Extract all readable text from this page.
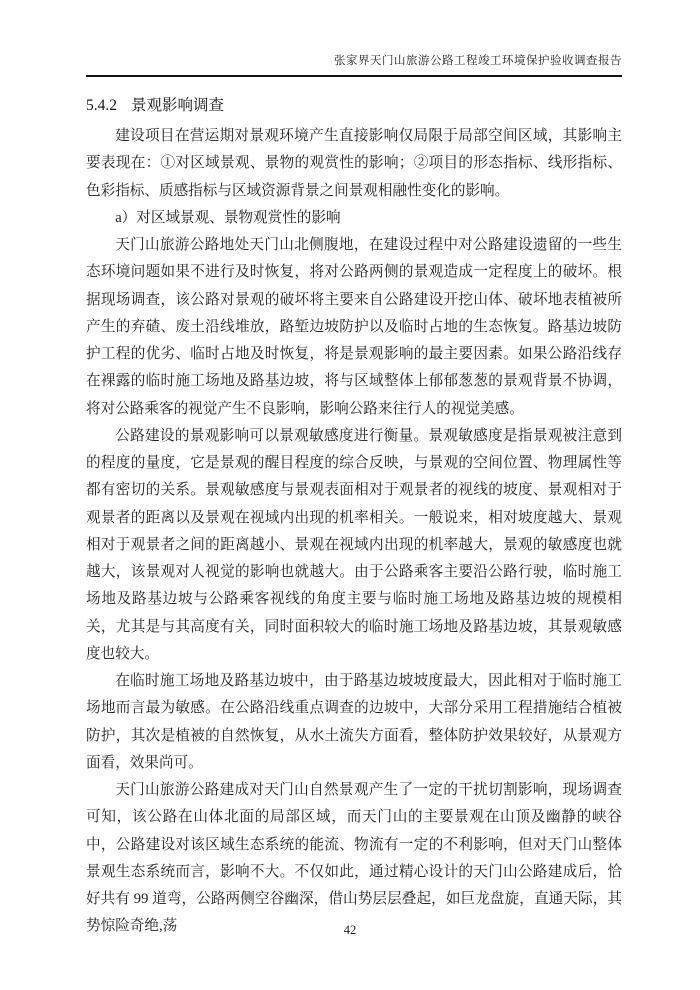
张家界天门山旅游公路工程竣工环境保护验收调查报告
5.4.2 景观影响调查

建设项目在营运期对景观环境产生直接影响仅局限于局部空间区域，其影响主要表现在：①对区域景观、景物的观赏性的影响；②项目的形态指标、线形指标、色彩指标、质感指标与区域资源背景之间景观相融性变化的影响。

a）对区域景观、景物观赏性的影响

天门山旅游公路地处天门山北侧腹地，在建设过程中对公路建设遗留的一些生态环境问题如果不进行及时恢复，将对公路两侧的景观造成一定程度上的破坏。根据现场调查，该公路对景观的破坏将主要来自公路建设开挖山体、破坏地表植被所产生的弃碴、废土沿线堆放，路堑边坡防护以及临时占地的生态恢复。路基边坡防护工程的优劣、临时占地及时恢复，将是景观影响的最主要因素。如果公路沿线存在裸露的临时施工场地及路基边坡，将与区域整体上郁郁葱葱的景观背景不协调，将对公路乘客的视觉产生不良影响，影响公路来往行人的视觉美感。

公路建设的景观影响可以景观敏感度进行衡量。景观敏感度是指景观被注意到的程度的量度，它是景观的醒目程度的综合反映，与景观的空间位置、物理属性等都有密切的关系。景观敏感度与景观表面相对于观景者的视线的坡度、景观相对于观景者的距离以及景观在视域内出现的机率相关。一般说来，相对坡度越大、景观相对于观景者之间的距离越小、景观在视域内出现的机率越大，景观的敏感度也就越大，该景观对人视觉的影响也就越大。由于公路乘客主要沿公路行驶，临时施工场地及路基边坡与公路乘客视线的角度主要与临时施工场地及路基边坡的规模相关，尤其是与其高度有关，同时面积较大的临时施工场地及路基边坡，其景观敏感度也较大。

在临时施工场地及路基边坡中，由于路基边坡坡度最大，因此相对于临时施工场地而言最为敏感。在公路沿线重点调查的边坡中，大部分采用工程措施结合植被防护，其次是植被的自然恢复，从水土流失方面看，整体防护效果较好，从景观方面看，效果尚可。

天门山旅游公路建成对天门山自然景观产生了一定的干扰切割影响，现场调查可知，该公路在山体北面的局部区域，而天门山的主要景观在山顶及幽静的峡谷中，公路建设对该区域生态系统的能流、物流有一定的不利影响，但对天门山整体景观生态系统而言，影响不大。不仅如此，通过精心设计的天门山公路建成后，恰好共有 99 道弯，公路两侧空谷幽深，借山势层层叠起，如巨龙盘旋，直通天际，其势惊险奇绝,荡	42
